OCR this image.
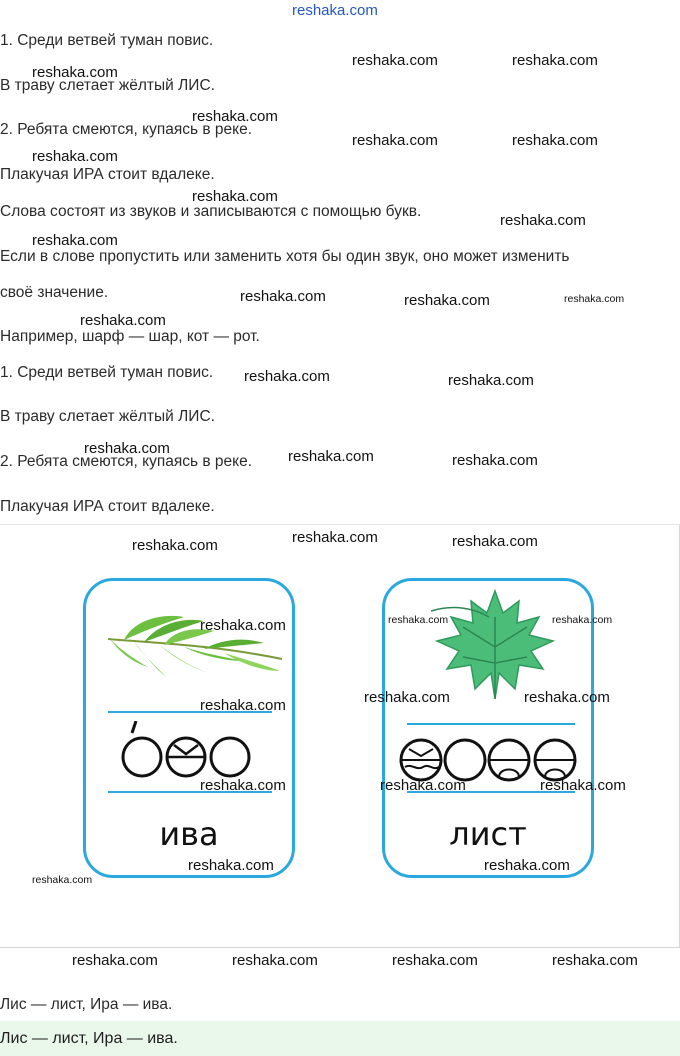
reshaka.com
1. Среди ветвей туман повис.
В траву слетает жёлтый ЛИС.
2. Ребята смеются, купаясь в реке.
Плакучая ИРА стоит вдалеке.
Слова состоят из звуков и записываются с помощью букв.
Если в слове пропустить или заменить хотя бы один звук, оно может изменить
своё значение.
Например, шарф — шар, кот — рот.
1. Среди ветвей туман повис.
В траву слетает жёлтый ЛИС.
2. Ребята смеются, купаясь в реке.
Плакучая ИРА стоит вдалеке.
reshaka.com
reshaka.com	reshaka.com
reshaka.com
reshaka.com	reshaka.com
reshaka.com
reshaka.com
reshaka.com
reshaka.com
reshaka.com	reshaka.com	reshaka.com
reshaka.com
reshaka.com	reshaka.com
reshaka.com	reshaka.com	reshaka.com
ива	лист
reshaka.com	reshaka.com	reshaka.com
reshaka.com	reshaka.com	reshaka.com
reshaka.com	reshaka.com
reshaka.com
reshaka.com	reshaka.com	reshaka.com
reshaka.com	reshaka.com
reshaka.com
reshaka.com	reshaka.com	reshaka.com	reshaka.com
Лис — лист, Ира — ива.
Лис — лист, Ира — ива.
